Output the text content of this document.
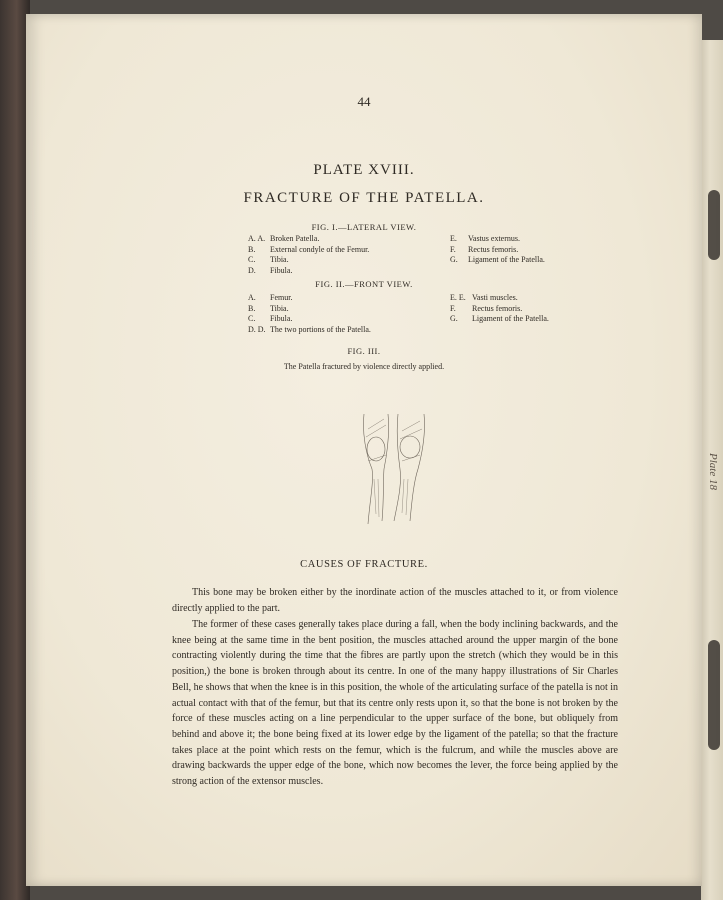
Plate 18
44
PLATE XVIII.
FRACTURE OF THE PATELLA.
FIG. I.—LATERAL VIEW.
A. A. Broken Patella.
B.	External condyle of the Femur.
C.	Tibia.
D.	Fibula.
E.	Vastus externus.
F.	Rectus femoris.
G.	Ligament of the Patella.
FIG. II.—FRONT VIEW.
A.	Femur.
B.	Tibia.
C.	Fibula.
D. D. The two portions of the Patella.
E. E. Vasti muscles.
F.	Rectus femoris.
G.	Ligament of the Patella.
FIG. III.
The Patella fractured by violence directly applied.
CAUSES OF FRACTURE.
This bone may be broken either by the inordinate action of the muscles attached to it, or from violence directly applied to the part.
The former of these cases generally takes place during a fall, when the body inclining backwards, and the knee being at the same time in the bent position, the muscles attached around the upper margin of the bone contracting violently during the time that the fibres are partly upon the stretch (which they would be in this position,) the bone is broken through about its centre. In one of the many happy illustrations of Sir Charles Bell, he shows that when the knee is in this position, the whole of the articulating surface of the patella is not in actual contact with that of the femur, but that its centre only rests upon it, so that the bone is not broken by the force of these muscles acting on a line perpendicular to the upper surface of the bone, but obliquely from behind and above it; the bone being fixed at its lower edge by the ligament of the patella; so that the fracture takes place at the point which rests on the femur, which is the fulcrum, and while the muscles above are drawing backwards the upper edge of the bone, which now becomes the lever, the force being applied by the strong action of the extensor muscles.
